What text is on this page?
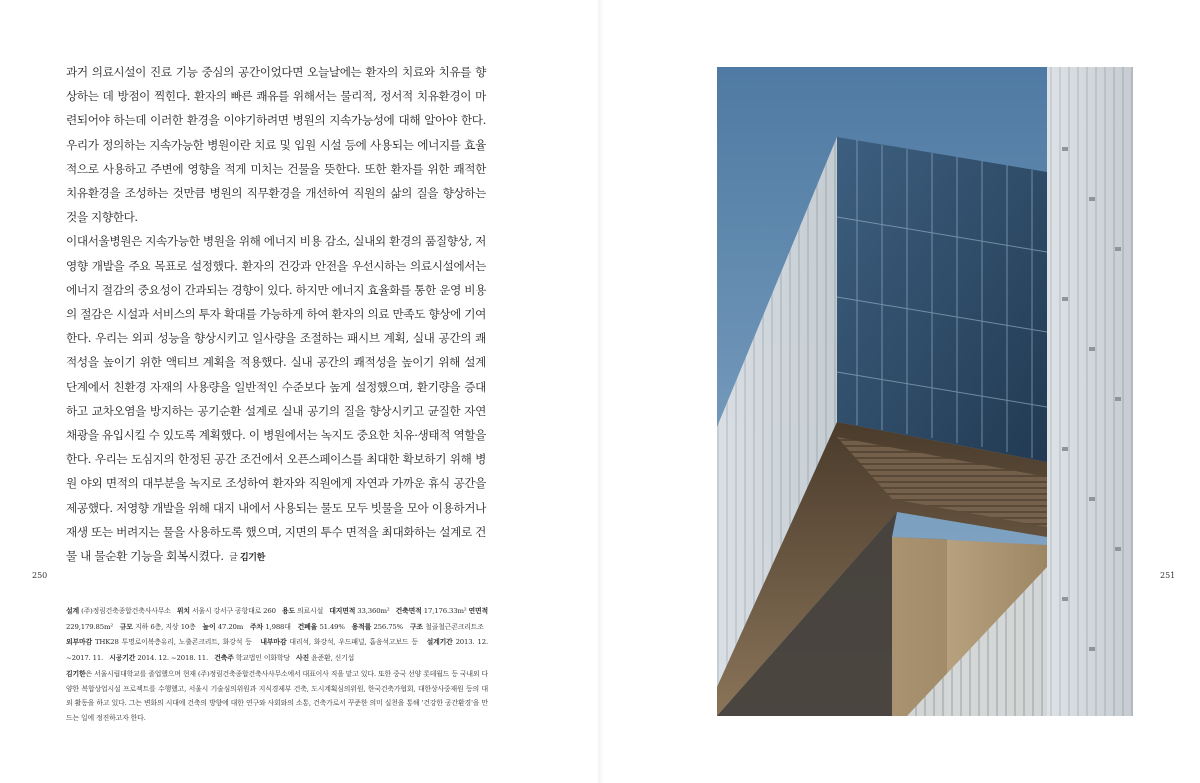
과거 의료시설이 진료 기능 중심의 공간이었다면 오늘날에는 환자의 치료와 치유를 향상하는 데 방점이 찍힌다. 환자의 빠른 쾌유를 위해서는 물리적, 정서적 치유환경이 마련되어야 하는데 이러한 환경을 이야기하려면 병원의 지속가능성에 대해 알아야 한다. 우리가 정의하는 지속가능한 병원이란 치료 및 입원 시설 등에 사용되는 에너지를 효율적으로 사용하고 주변에 영향을 적게 미치는 건물을 뜻한다. 또한 환자를 위한 쾌적한 치유환경을 조성하는 것만큼 병원의 직무환경을 개선하여 직원의 삶의 질을 향상하는 것을 지향한다.

이대서울병원은 지속가능한 병원을 위해 에너지 비용 감소, 실내외 환경의 품질향상, 저영향 개발을 주요 목표로 설정했다. 환자의 건강과 안전을 우선시하는 의료시설에서는 에너지 절감의 중요성이 간과되는 경향이 있다. 하지만 에너지 효율화를 통한 운영 비용의 절감은 시설과 서비스의 투자 확대를 가능하게 하여 환자의 의료 만족도 향상에 기여한다. 우리는 외피 성능을 향상시키고 일사량을 조절하는 패시브 계획, 실내 공간의 쾌적성을 높이기 위한 액티브 계획을 적용했다. 실내 공간의 쾌적성을 높이기 위해 설계 단계에서 친환경 자재의 사용량을 일반적인 수준보다 높게 설정했으며, 환기량을 증대하고 교차오염을 방지하는 공기순환 설계로 실내 공기의 질을 향상시키고 균질한 자연채광을 유입시킬 수 있도록 계획했다. 이 병원에서는 녹지도 중요한 치유·생태적 역할을 한다. 우리는 도심지의 한정된 공간 조건에서 오픈스페이스를 최대한 확보하기 위해 병원 야외 면적의 대부분을 녹지로 조성하여 환자와 직원에게 자연과 가까운 휴식 공간을 제공했다. 저영향 개발을 위해 대지 내에서 사용되는 물도 모두 빗물을 모아 이용하거나 재생 또는 버려지는 물을 사용하도록 했으며, 지면의 투수 면적을 최대화하는 설계로 건물 내 물순환 기능을 회복시켰다. 글 김기한

250

설계 (주)정림건축종합건축사사무소 위치 서울시 강서구 공항대로 260 용도 의료시설 대지면적 33,360m² 건축면적 17,176.33m² 연면적 229,179.85m² 규모 지하 6층, 지상 10층 높이 47.20m 주차 1,988대 건폐율 51.49% 용적률 256.75% 구조 철골철근콘크리트조   외부마감 THK28 투명로이복층유리, 노출콘크리트, 화강석 등 내부마감 대리석, 화강석, 우드패널, 흡음석고보드 등 설계기간 2013. 12. ~2017. 11. 시공기간 2014. 12. ~2018. 11. 건축주 학교법인 이화학당 사진 윤준환, 신기섭

김기한은 서울시립대학교를 졸업했으며 현재 (주)정림건축종합건축사사무소에서 대표이사 직을 맡고 있다. 또한 중국 선양 롯데월드 등 국내외 다양한 복합상업시설 프로젝트를 수행했고, 서울시 기술심의위원과 지식경제부 건축, 도시계획심의위원, 한국건축가협회, 대한상사중재원 등의 대외 활동을 하고 있다. 그는 변화의 시대에 건축의 방향에 대한 연구와 사회와의 소통, 건축가로서 꾸준한 의미 실천을 통해 '건강한 공간환경'을 만드는 일에 정진하고자 한다.

251
